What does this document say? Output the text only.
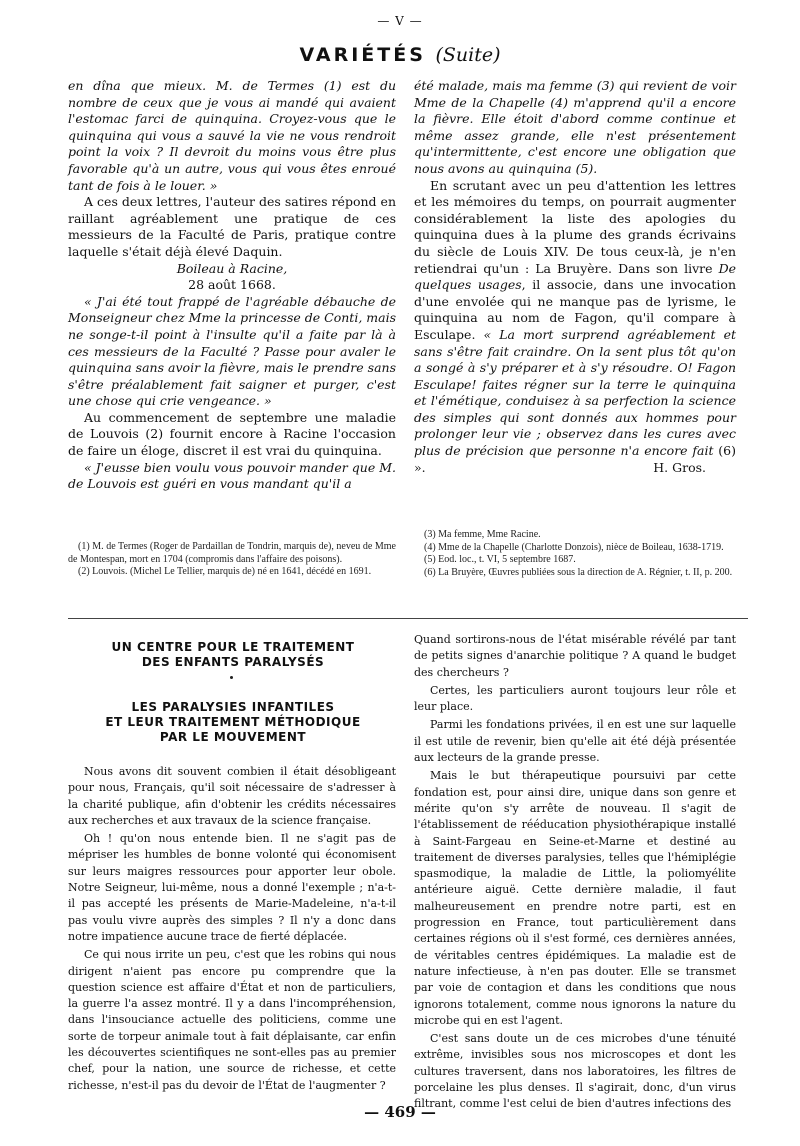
— V —
VARIÉTÉS (Suite)

en dîna que mieux. M. de Termes (1) est du nombre de ceux que je vous ai mandé qui avaient l'estomac farci de quinquina. Croyez-vous que le quinquina qui vous a sauvé la vie ne vous rendroit point la voix ? Il devroit du moins vous être plus favorable qu'à un autre, vous qui vous êtes enroué tant de fois à le louer. »

A ces deux lettres, l'auteur des satires répond en raillant agréablement une pratique de ces messieurs de la Faculté de Paris, pratique contre laquelle s'était déjà élevé Daquin.

Boileau à Racine,

28 août 1668.

« J'ai été tout frappé de l'agréable débauche de Monseigneur chez Mme la princesse de Conti, mais ne songe-t-il point à l'insulte qu'il a faite par là à ces messieurs de la Faculté ? Passe pour avaler le quinquina sans avoir la fièvre, mais le prendre sans s'être préalablement fait saigner et purger, c'est une chose qui crie vengeance. »

Au commencement de septembre une maladie de Louvois (2) fournit encore à Racine l'occasion de faire un éloge, discret il est vrai du quinquina.

« J'eusse bien voulu vous pouvoir mander que M. de Louvois est guéri en vous mandant qu'il a

été malade, mais ma femme (3) qui revient de voir Mme de la Chapelle (4) m'apprend qu'il a encore la fièvre. Elle étoit d'abord comme continue et même assez grande, elle n'est présentement qu'intermittente, c'est encore une obligation que nous avons au quinquina (5).

En scrutant avec un peu d'attention les lettres et les mémoires du temps, on pourrait augmenter considérablement la liste des apologies du quinquina dues à la plume des grands écrivains du siècle de Louis XIV. De tous ceux-là, je n'en retiendrai qu'un : La Bruyère. Dans son livre De quelques usages, il associe, dans une invocation d'une envolée qui ne manque pas de lyrisme, le quinquina au nom de Fagon, qu'il compare à Esculape. « La mort surprend agréablement et sans s'être fait craindre. On la sent plus tôt qu'on a songé à s'y préparer et à s'y résoudre. O! Fagon Esculape! faites régner sur la terre le quinquina et l'émétique, conduisez à sa perfection la science des simples qui sont donnés aux hommes pour prolonger leur vie ; observez dans les cures avec plus de précision que personne n'a encore fait (6) ».	H. Gros.

(1) M. de Termes (Roger de Pardaillan de Tondrin, marquis de), neveu de Mme de Montespan, mort en 1704 (compromis dans l'affaire des poisons).

(2) Louvois. (Michel Le Tellier, marquis de) né en 1641, décédé en 1691.

(3) Ma femme, Mme Racine.

(4) Mme de la Chapelle (Charlotte Donzois), nièce de Boileau, 1638-1719.

(5) Eod. loc., t. VI, 5 septembre 1687.

(6) La Bruyère, Œuvres publiées sous la direction de A. Régnier, t. II, p. 200.

UN CENTRE POUR LE TRAITEMENT
DES ENFANTS PARALYSÉS
LES PARALYSIES INFANTILES
ET LEUR TRAITEMENT MÉTHODIQUE
PAR LE MOUVEMENT

Nous avons dit souvent combien il était désobligeant pour nous, Français, qu'il soit nécessaire de s'adresser à la charité publique, afin d'obtenir les crédits nécessaires aux recherches et aux travaux de la science française.

Oh ! qu'on nous entende bien. Il ne s'agit pas de mépriser les humbles de bonne volonté qui économisent sur leurs maigres ressources pour apporter leur obole. Notre Seigneur, lui-même, nous a donné l'exemple ; n'a-t-il pas accepté les présents de Marie-Madeleine, n'a-t-il pas voulu vivre auprès des simples ? Il n'y a donc dans notre impatience aucune trace de fierté déplacée.

Ce qui nous irrite un peu, c'est que les robins qui nous dirigent n'aient pas encore pu comprendre que la question science est affaire d'État et non de particuliers, la guerre l'a assez montré. Il y a dans l'incompréhension, dans l'insouciance actuelle des politiciens, comme une sorte de torpeur animale tout à fait déplaisante, car enfin les découvertes scientifiques ne sont-elles pas au premier chef, pour la nation, une source de richesse, et cette richesse, n'est-il pas du devoir de l'État de l'augmenter ?

Quand sortirons-nous de l'état misérable révélé par tant de petits signes d'anarchie politique ? A quand le budget des chercheurs ?

Certes, les particuliers auront toujours leur rôle et leur place.

Parmi les fondations privées, il en est une sur laquelle il est utile de revenir, bien qu'elle ait été déjà présentée aux lecteurs de la grande presse.

Mais le but thérapeutique poursuivi par cette fondation est, pour ainsi dire, unique dans son genre et mérite qu'on s'y arrête de nouveau. Il s'agit de l'établissement de rééducation physiothérapique installé à Saint-Fargeau en Seine-et-Marne et destiné au traitement de diverses paralysies, telles que l'hémiplégie spasmodique, la maladie de Little, la poliomyélite antérieure aiguë. Cette dernière maladie, il faut malheureusement en prendre notre parti, est en progression en France, tout particulièrement dans certaines régions où il s'est formé, ces dernières années, de véritables centres épidémiques. La maladie est de nature infectieuse, à n'en pas douter. Elle se transmet par voie de contagion et dans les conditions que nous ignorons totalement, comme nous ignorons la nature du microbe qui en est l'agent.

C'est sans doute un de ces microbes d'une ténuité extrême, invisibles sous nos microscopes et dont les cultures traversent, dans nos laboratoires, les filtres de porcelaine les plus denses. Il s'agirait, donc, d'un virus filtrant, comme l'est celui de bien d'autres infections des

— 469 —
